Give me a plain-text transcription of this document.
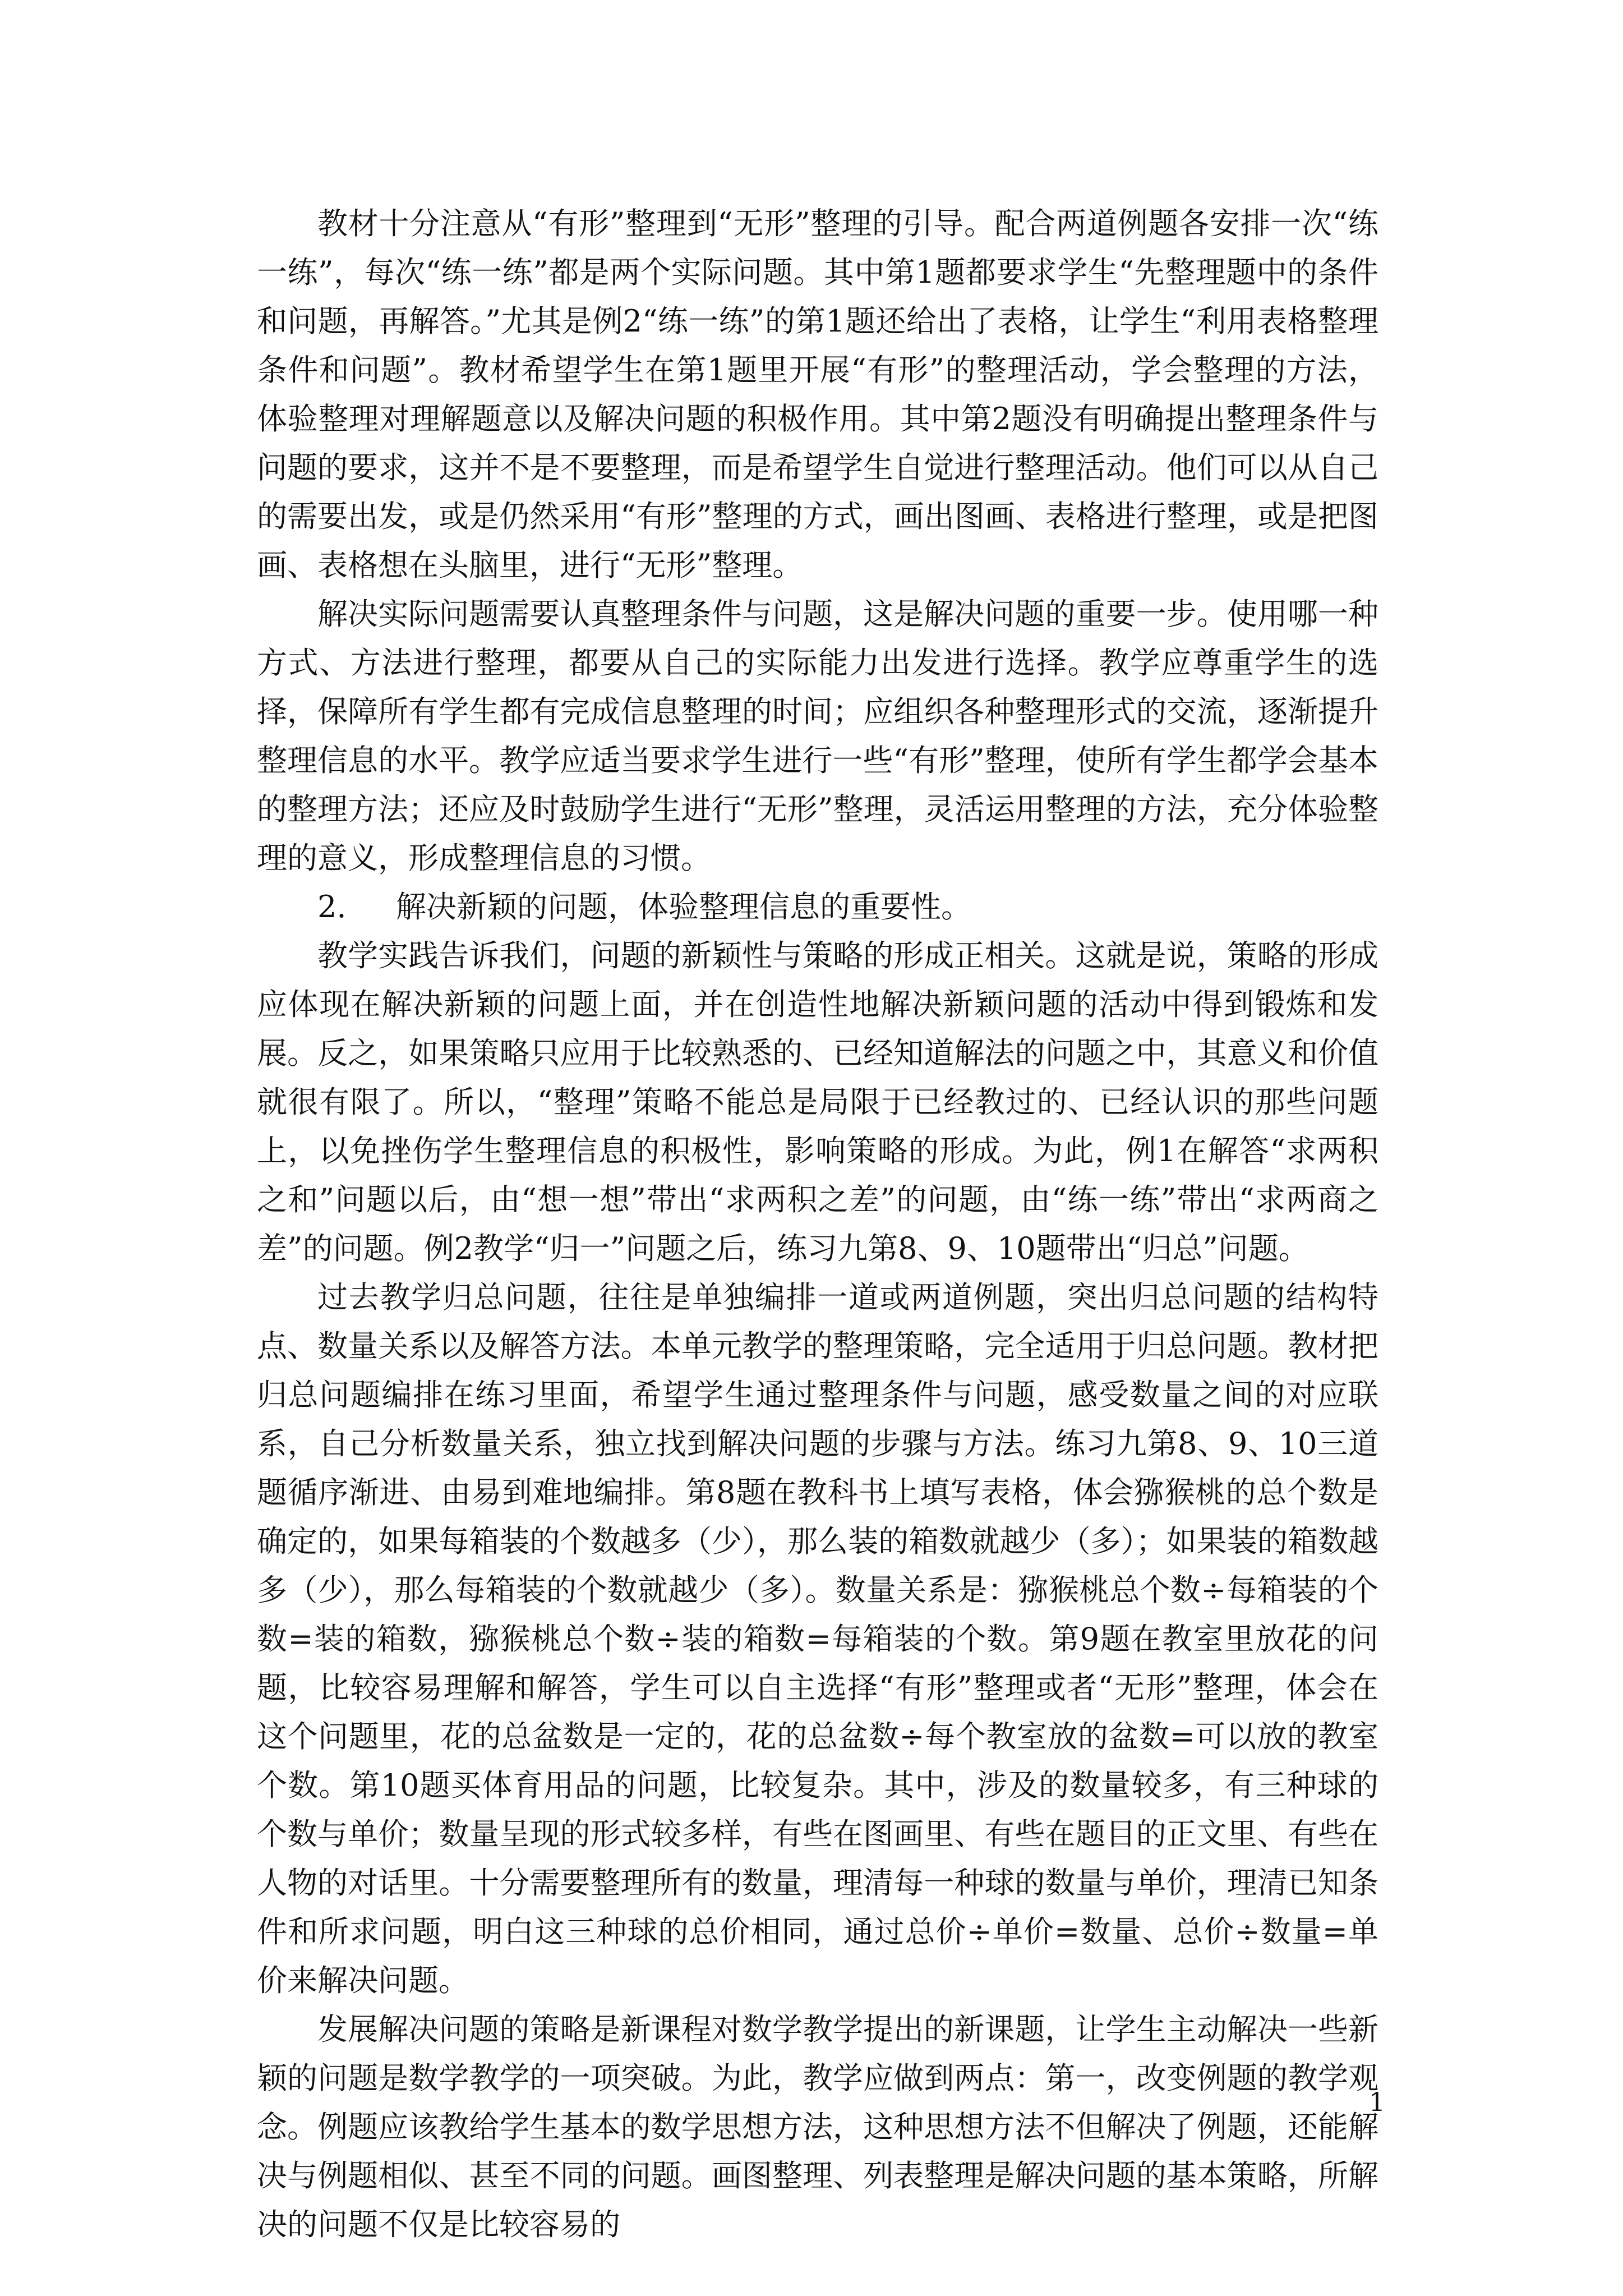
教材十分注意从“有形”整理到“无形”整理的引导。配合两道例题各安排一次“练一练”，每次“练一练”都是两个实际问题。其中第1题都要求学生“先整理题中的条件和问题，再解答。”尤其是例2“练一练”的第1题还给出了表格，让学生“利用表格整理条件和问题”。教材希望学生在第1题里开展“有形”的整理活动，学会整理的方法，体验整理对理解题意以及解决问题的积极作用。其中第2题没有明确提出整理条件与问题的要求，这并不是不要整理，而是希望学生自觉进行整理活动。他们可以从自己的需要出发，或是仍然采用“有形”整理的方式，画出图画、表格进行整理，或是把图画、表格想在头脑里，进行“无形”整理。

解决实际问题需要认真整理条件与问题，这是解决问题的重要一步。使用哪一种方式、方法进行整理，都要从自己的实际能力出发进行选择。教学应尊重学生的选择，保障所有学生都有完成信息整理的时间；应组织各种整理形式的交流，逐渐提升整理信息的水平。教学应适当要求学生进行一些“有形”整理，使所有学生都学会基本的整理方法；还应及时鼓励学生进行“无形”整理，灵活运用整理的方法，充分体验整理的意义，形成整理信息的习惯。

2. 解决新颖的问题，体验整理信息的重要性。

教学实践告诉我们，问题的新颖性与策略的形成正相关。这就是说，策略的形成应体现在解决新颖的问题上面，并在创造性地解决新颖问题的活动中得到锻炼和发展。反之，如果策略只应用于比较熟悉的、已经知道解法的问题之中，其意义和价值就很有限了。所以，“整理”策略不能总是局限于已经教过的、已经认识的那些问题上，以免挫伤学生整理信息的积极性，影响策略的形成。为此，例1在解答“求两积之和”问题以后，由“想一想”带出“求两积之差”的问题，由“练一练”带出“求两商之差”的问题。例2教学“归一”问题之后，练习九第8、9、10题带出“归总”问题。

过去教学归总问题，往往是单独编排一道或两道例题，突出归总问题的结构特点、数量关系以及解答方法。本单元教学的整理策略，完全适用于归总问题。教材把归总问题编排在练习里面，希望学生通过整理条件与问题，感受数量之间的对应联系，自己分析数量关系，独立找到解决问题的步骤与方法。练习九第8、9、10三道题循序渐进、由易到难地编排。第8题在教科书上填写表格，体会猕猴桃的总个数是确定的，如果每箱装的个数越多（少），那么装的箱数就越少（多）；如果装的箱数越多（少），那么每箱装的个数就越少（多）。数量关系是：猕猴桃总个数÷每箱装的个数=装的箱数，猕猴桃总个数÷装的箱数=每箱装的个数。第9题在教室里放花的问题，比较容易理解和解答，学生可以自主选择“有形”整理或者“无形”整理，体会在这个问题里，花的总盆数是一定的，花的总盆数÷每个教室放的盆数=可以放的教室个数。第10题买体育用品的问题，比较复杂。其中，涉及的数量较多，有三种球的个数与单价；数量呈现的形式较多样，有些在图画里、有些在题目的正文里、有些在人物的对话里。十分需要整理所有的数量，理清每一种球的数量与单价，理清已知条件和所求问题，明白这三种球的总价相同，通过总价÷单价=数量、总价÷数量=单价来解决问题。

发展解决问题的策略是新课程对数学教学提出的新课题，让学生主动解决一些新颖的问题是数学教学的一项突破。为此，教学应做到两点：第一，改变例题的教学观念。例题应该教给学生基本的数学思想方法，这种思想方法不但解决了例题，还能解决与例题相似、甚至不同的问题。画图整理、列表整理是解决问题的基本策略，所解决的问题不仅是比较容易的

1
